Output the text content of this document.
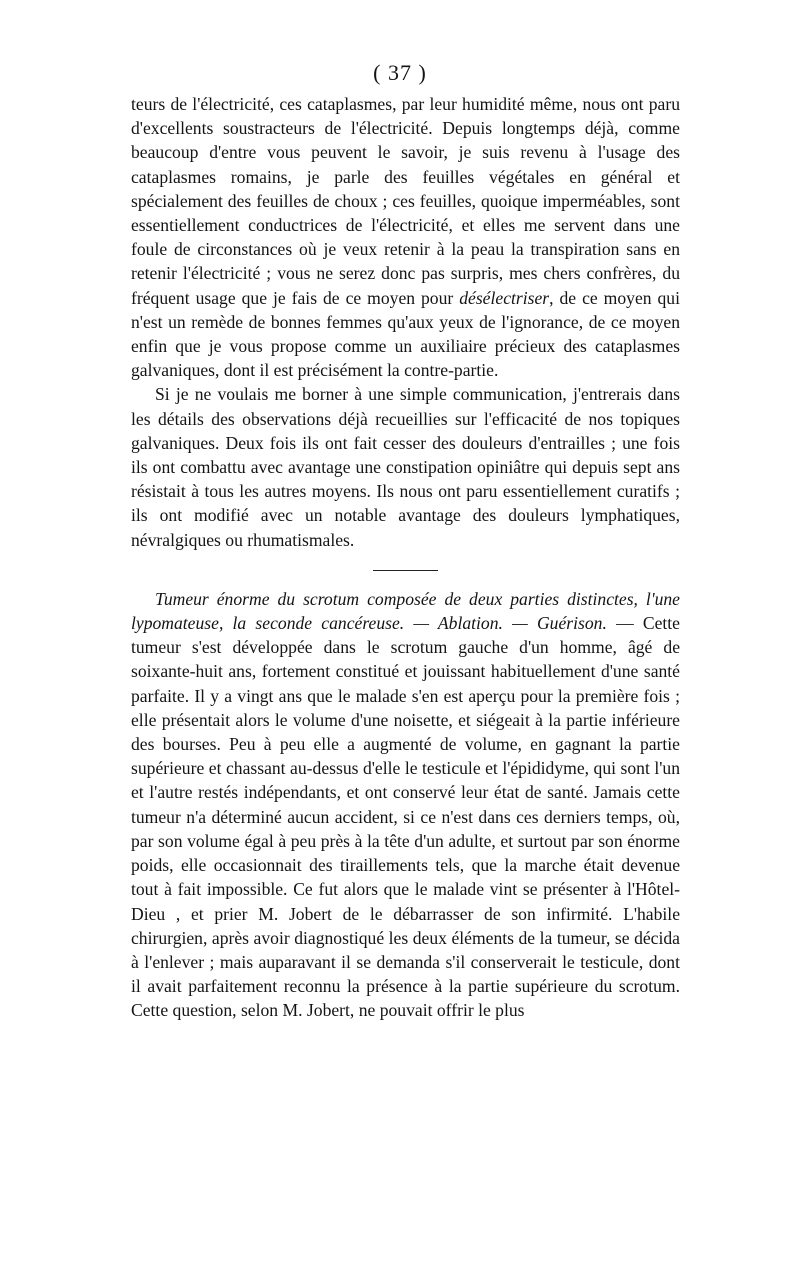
( 37 )

teurs de l'électricité, ces cataplasmes, par leur humidité même, nous ont paru d'excellents soustracteurs de l'électricité. Depuis longtemps déjà, comme beaucoup d'entre vous peuvent le savoir, je suis revenu à l'usage des cataplasmes romains, je parle des feuilles végétales en général et spécialement des feuilles de choux ; ces feuilles, quoique imperméables, sont essentiellement conductrices de l'électricité, et elles me servent dans une foule de circonstances où je veux retenir à la peau la transpiration sans en retenir l'électricité ; vous ne serez donc pas surpris, mes chers confrères, du fréquent usage que je fais de ce moyen pour désélectriser, de ce moyen qui n'est un remède de bonnes femmes qu'aux yeux de l'ignorance, de ce moyen enfin que je vous propose comme un auxiliaire précieux des cataplasmes galvaniques, dont il est précisément la contre-partie.

Si je ne voulais me borner à une simple communication, j'entrerais dans les détails des observations déjà recueillies sur l'efficacité de nos topiques galvaniques. Deux fois ils ont fait cesser des douleurs d'entrailles ; une fois ils ont combattu avec avantage une constipation opiniâtre qui depuis sept ans résistait à tous les autres moyens. Ils nous ont paru essentiellement curatifs ; ils ont modifié avec un notable avantage des douleurs lymphatiques, névralgiques ou rhumatismales.

Tumeur énorme du scrotum composée de deux parties distinctes, l'une lypomateuse, la seconde cancéreuse. — Ablation. — Guérison. — Cette tumeur s'est développée dans le scrotum gauche d'un homme, âgé de soixante-huit ans, fortement constitué et jouissant habituellement d'une santé parfaite. Il y a vingt ans que le malade s'en est aperçu pour la première fois ; elle présentait alors le volume d'une noisette, et siégeait à la partie inférieure des bourses. Peu à peu elle a augmenté de volume, en gagnant la partie supérieure et chassant au-dessus d'elle le testicule et l'épididyme, qui sont l'un et l'autre restés indépendants, et ont conservé leur état de santé. Jamais cette tumeur n'a déterminé aucun accident, si ce n'est dans ces derniers temps, où, par son volume égal à peu près à la tête d'un adulte, et surtout par son énorme poids, elle occasionnait des tiraillements tels, que la marche était devenue tout à fait impossible. Ce fut alors que le malade vint se présenter à l'Hôtel-Dieu , et prier M. Jobert de le débarrasser de son infirmité. L'habile chirurgien, après avoir diagnostiqué les deux éléments de la tumeur, se décida à l'enlever ; mais auparavant il se demanda s'il conserverait le testicule, dont il avait parfaitement reconnu la présence à la partie supérieure du scrotum. Cette question, selon M. Jobert, ne pouvait offrir le plus
